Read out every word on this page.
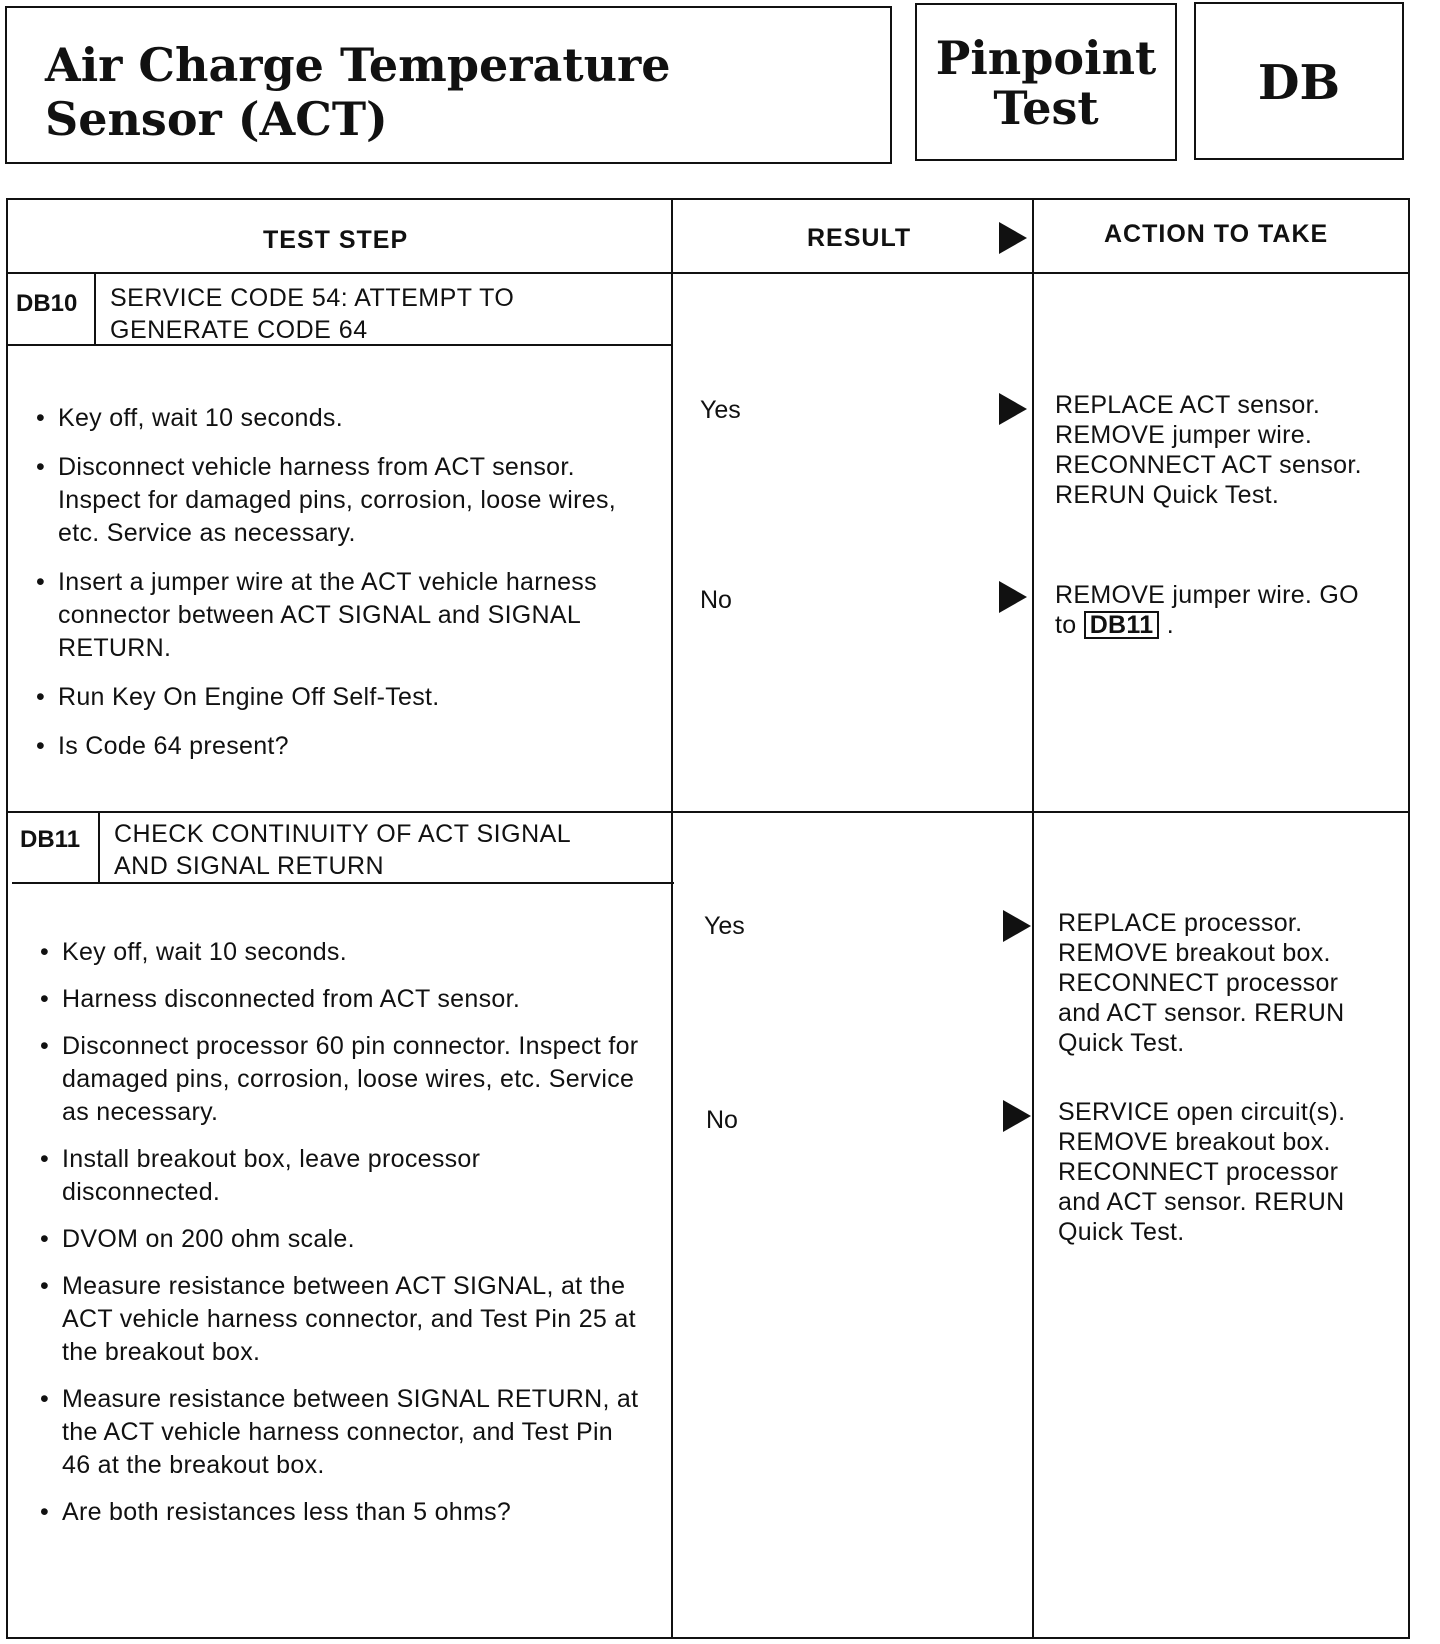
Air Charge Temperature
Sensor (ACT)
Pinpoint
Test	DB
TEST STEP	RESULT	ACTION TO TAKE
DB10 SERVICE CODE 54: ATTEMPT TO
GENERATE CODE 64
• Key off, wait 10 seconds.
• Disconnect vehicle harness from ACT sensor. Inspect for damaged pins, corrosion, loose wires, etc. Service as necessary.
• Insert a jumper wire at the ACT vehicle harness connector between ACT SIGNAL and SIGNAL RETURN.
• Run Key On Engine Off Self-Test.
• Is Code 64 present?
Yes	REPLACE ACT sensor. REMOVE jumper wire. RECONNECT ACT sensor. RERUN Quick Test.
No	REMOVE jumper wire. GO to DB11 .
DB11 CHECK CONTINUITY OF ACT SIGNAL
AND SIGNAL RETURN
• Key off, wait 10 seconds.
• Harness disconnected from ACT sensor.
• Disconnect processor 60 pin connector. Inspect for damaged pins, corrosion, loose wires, etc. Service as necessary.
• Install breakout box, leave processor disconnected.
• DVOM on 200 ohm scale.
• Measure resistance between ACT SIGNAL, at the ACT vehicle harness connector, and Test Pin 25 at the breakout box.
• Measure resistance between SIGNAL RETURN, at the ACT vehicle harness connector, and Test Pin 46 at the breakout box.
• Are both resistances less than 5 ohms?
Yes	REPLACE processor. REMOVE breakout box. RECONNECT processor and ACT sensor. RERUN Quick Test.
No	SERVICE open circuit(s). REMOVE breakout box. RECONNECT processor and ACT sensor. RERUN Quick Test.
